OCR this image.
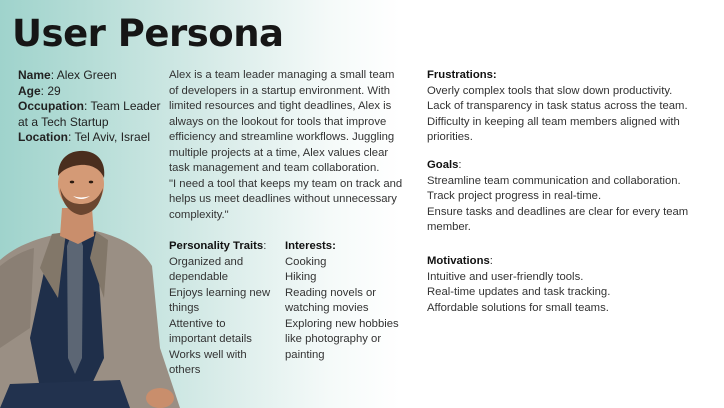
User Persona
Name: Alex Green
Age: 29
Occupation: Team Leader
at a Tech Startup
Location: Tel Aviv, Israel
Alex is a team leader managing a small team
of developers in a startup environment. With
limited resources and tight deadlines, Alex is
always on the lookout for tools that improve
efficiency and streamline workflows. Juggling
multiple projects at a time, Alex values clear
task management and team collaboration.
"I need a tool that keeps my team on track and
helps us meet deadlines without unnecessary
complexity."
Personality Traits:
Organized and
dependable
Enjoys learning new
things
Attentive to
important details
Works well with
others
Interests:
Cooking
Hiking
Reading novels or
watching movies
Exploring new hobbies
like photography or
painting
Frustrations:
Overly complex tools that slow down productivity.
Lack of transparency in task status across the team.
Difficulty in keeping all team members aligned with
priorities.
Goals:
Streamline team communication and collaboration.
Track project progress in real-time.
Ensure tasks and deadlines are clear for every team
member.
Motivations:
Intuitive and user-friendly tools.
Real-time updates and task tracking.
Affordable solutions for small teams.
